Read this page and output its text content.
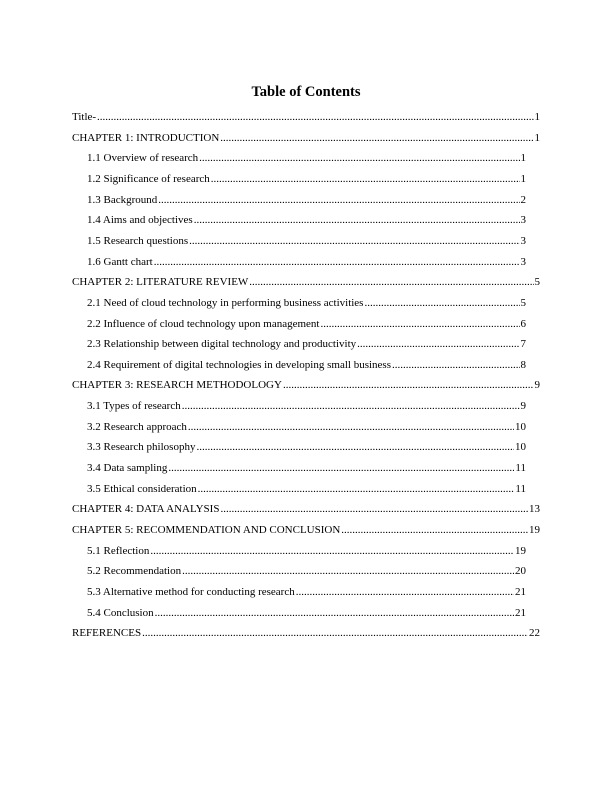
Table of Contents
Title- .....	1
CHAPTER 1: INTRODUCTION .....	1
1.1 Overview of research .....	1
1.2 Significance of research .....	1
1.3 Background .....	2
1.4 Aims and objectives .....	3
1.5 Research questions .....	3
1.6 Gantt chart .....	3
CHAPTER 2: LITERATURE REVIEW .....	5
2.1 Need of cloud technology in performing business activities .....	5
2.2 Influence of cloud technology upon management .....	6
2.3 Relationship between digital technology and productivity .....	7
2.4 Requirement of digital technologies in developing small business .....	8
CHAPTER 3: RESEARCH METHODOLOGY .....	9
3.1 Types of research .....	9
3.2 Research approach .....	10
3.3 Research philosophy .....	10
3.4 Data sampling .....	11
3.5 Ethical consideration .....	11
CHAPTER 4: DATA ANALYSIS .....	13
CHAPTER 5: RECOMMENDATION AND CONCLUSION .....	19
5.1 Reflection .....	19
5.2 Recommendation .....	20
5.3 Alternative method for conducting research .....	21
5.4 Conclusion .....	21
REFERENCES .....	22
